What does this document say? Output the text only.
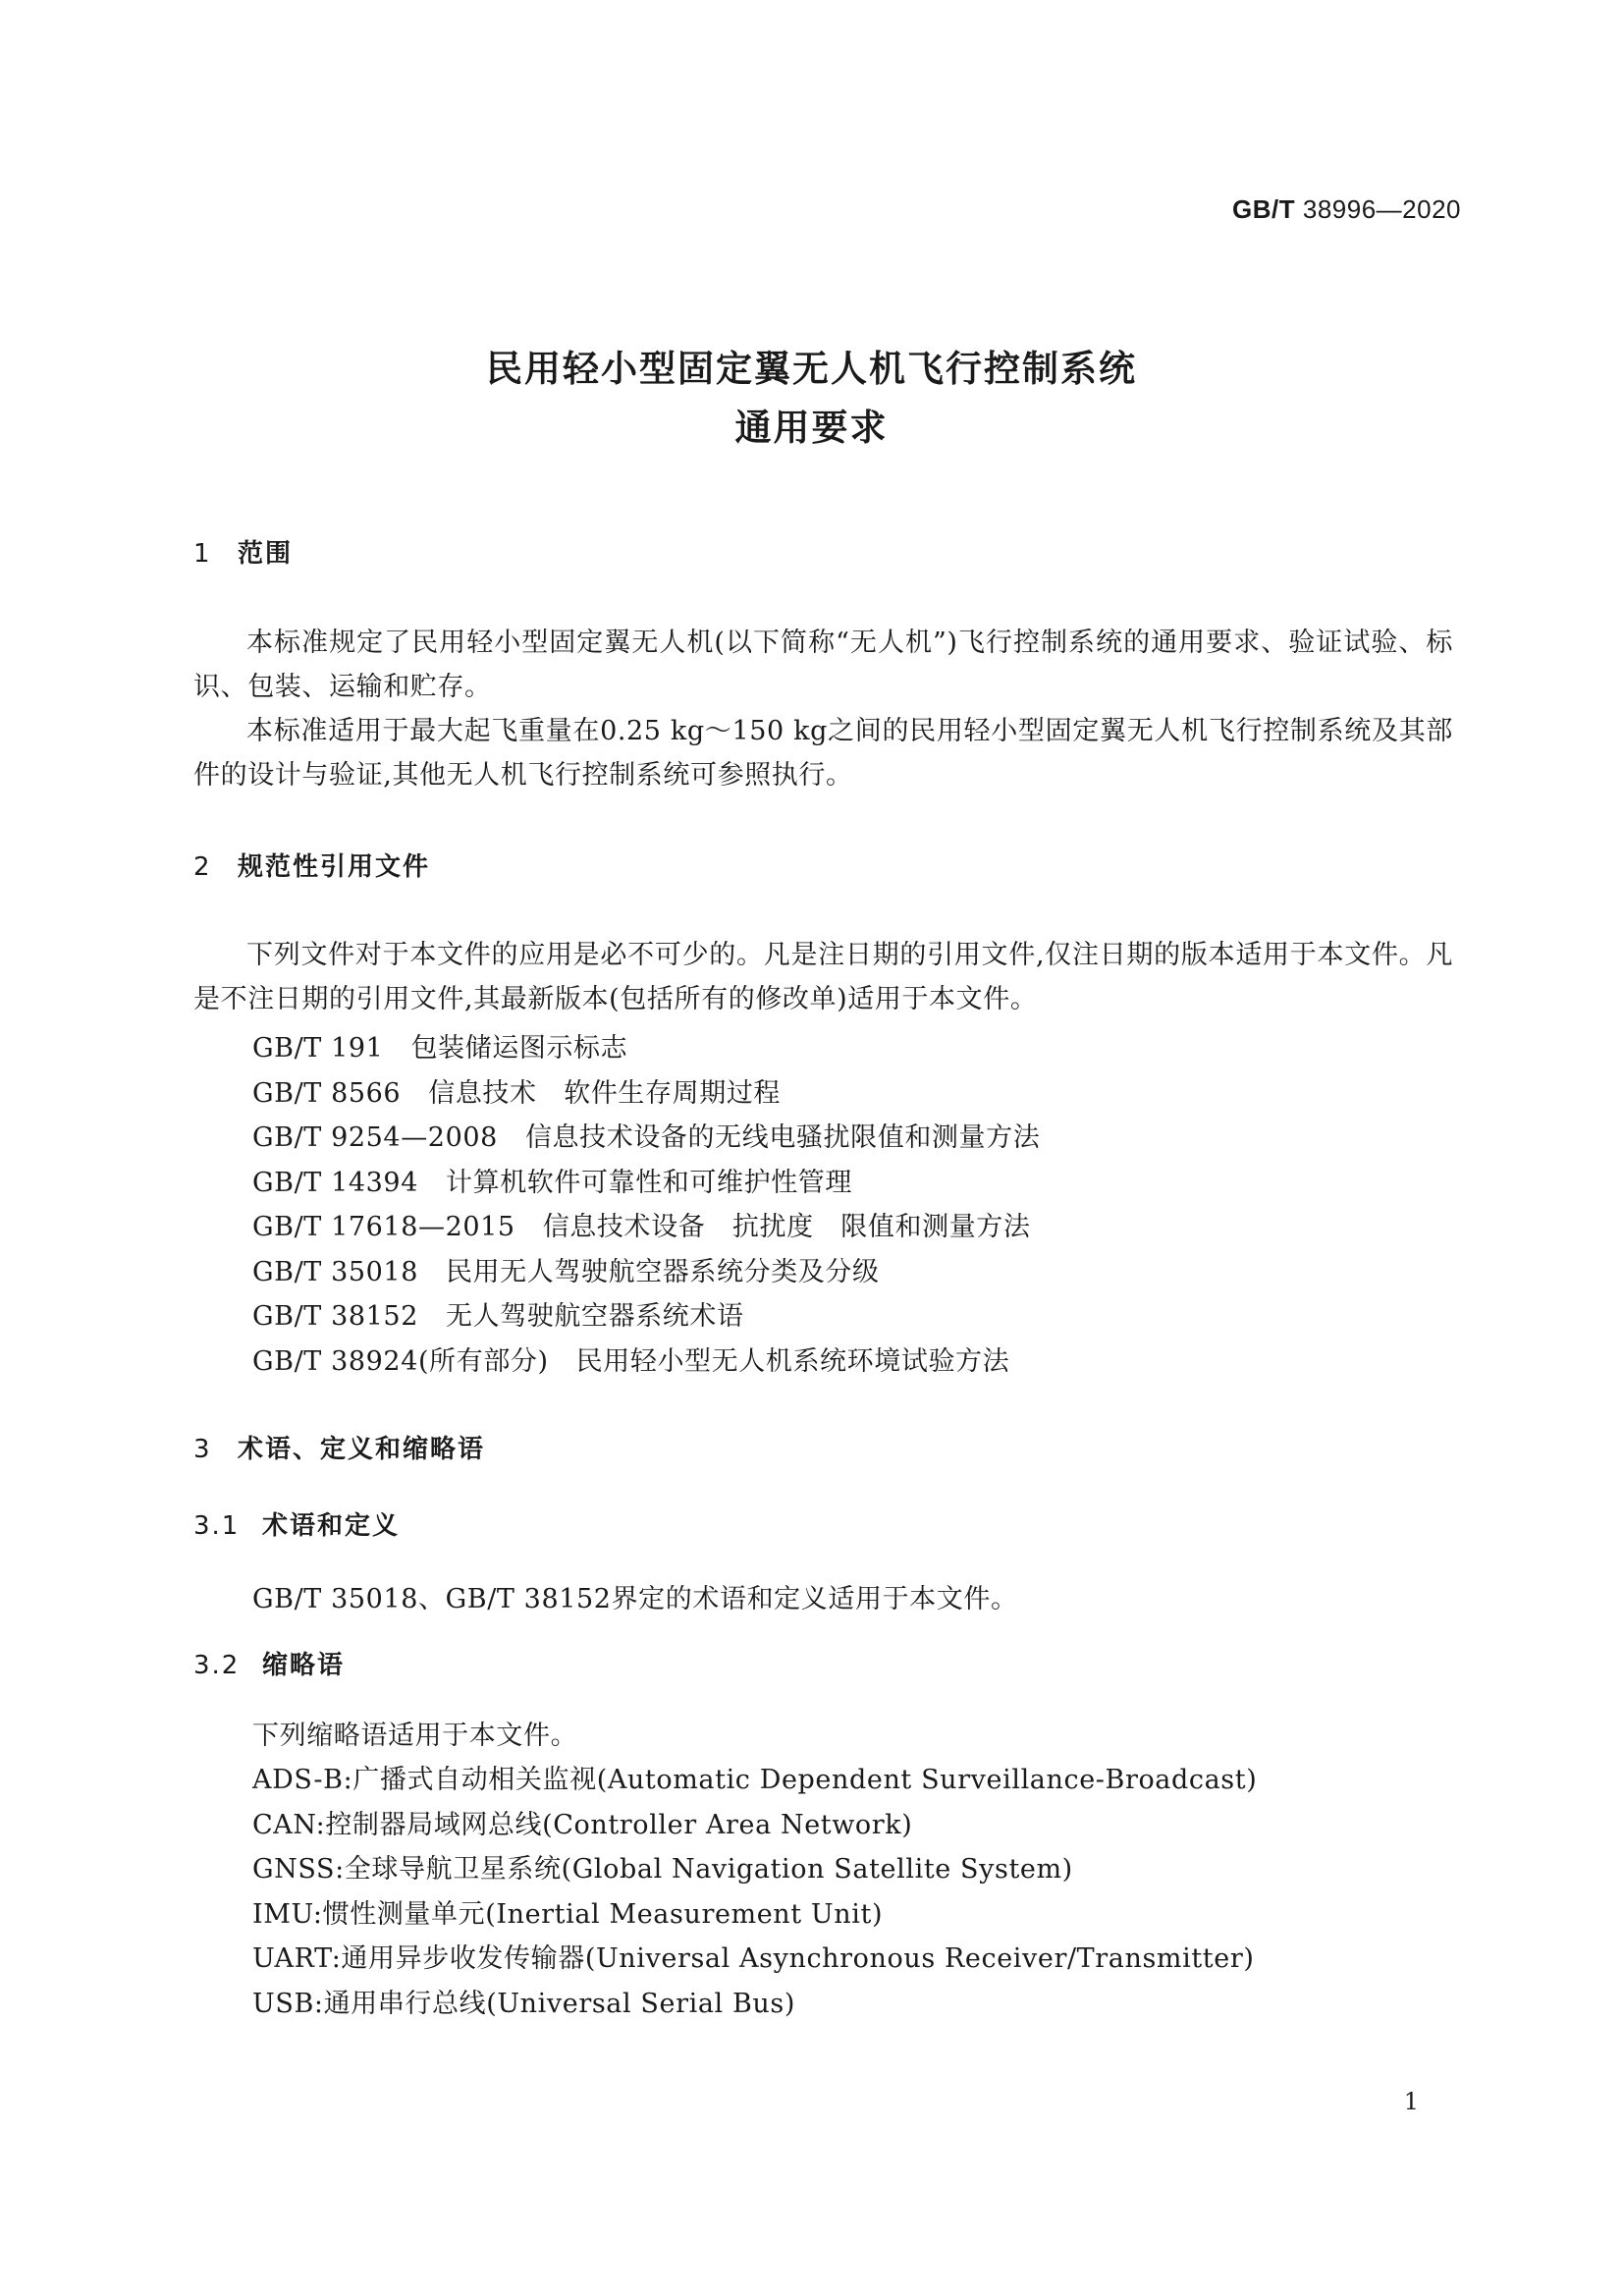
GB/T 38996—2020
民用轻小型固定翼无人机飞行控制系统
通用要求
1 范围
本标准规定了民用轻小型固定翼无人机(以下简称“无人机”)飞行控制系统的通用要求、验证试验、标识、包装、运输和贮存。
本标准适用于最大起飞重量在0.25 kg～150 kg之间的民用轻小型固定翼无人机飞行控制系统及其部件的设计与验证,其他无人机飞行控制系统可参照执行。
2 规范性引用文件
下列文件对于本文件的应用是必不可少的。凡是注日期的引用文件,仅注日期的版本适用于本文件。凡是不注日期的引用文件,其最新版本(包括所有的修改单)适用于本文件。
GB/T 191 包装储运图示标志
GB/T 8566 信息技术　软件生存周期过程
GB/T 9254—2008 信息技术设备的无线电骚扰限值和测量方法
GB/T 14394 计算机软件可靠性和可维护性管理
GB/T 17618—2015 信息技术设备　抗扰度　限值和测量方法
GB/T 35018 民用无人驾驶航空器系统分类及分级
GB/T 38152 无人驾驶航空器系统术语
GB/T 38924(所有部分) 民用轻小型无人机系统环境试验方法
3 术语、定义和缩略语
3.1 术语和定义
GB/T 35018、GB/T 38152界定的术语和定义适用于本文件。
3.2 缩略语
下列缩略语适用于本文件。
ADS-B:广播式自动相关监视(Automatic Dependent Surveillance-Broadcast)
CAN:控制器局域网总线(Controller Area Network)
GNSS:全球导航卫星系统(Global Navigation Satellite System)
IMU:惯性测量单元(Inertial Measurement Unit)
UART:通用异步收发传输器(Universal Asynchronous Receiver/Transmitter)
USB:通用串行总线(Universal Serial Bus)
1
